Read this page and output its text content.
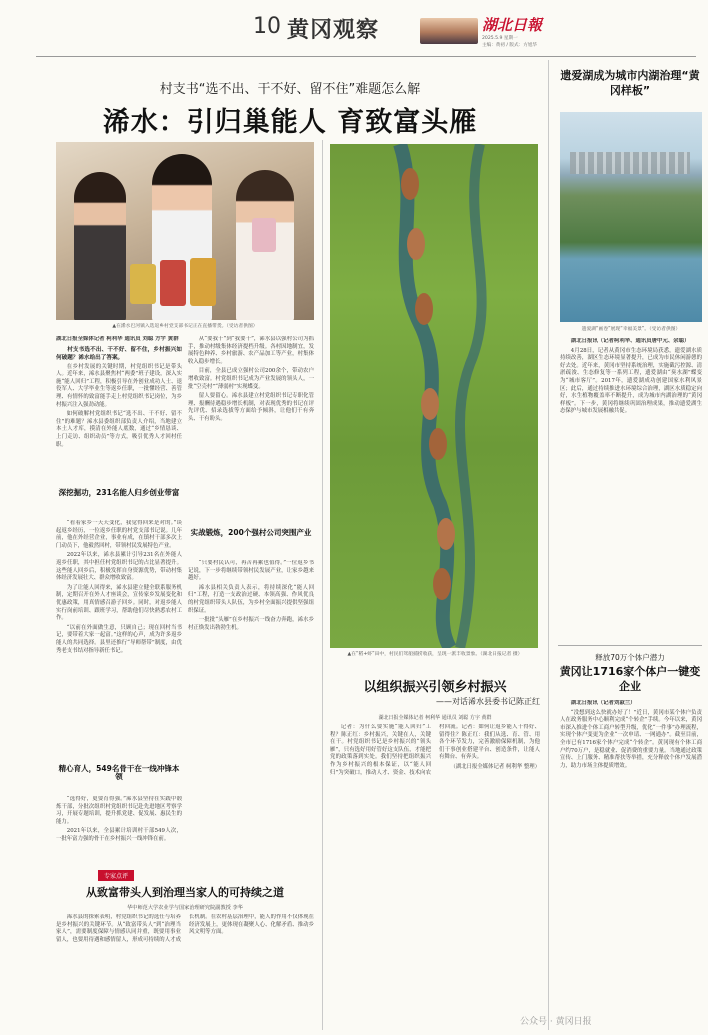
10 黄冈观察	湖北日報
2025.5.9 星期一
主编：黄初 / 版式：方旭华
村支书“选不出、干不好、留不住”难题怎么解
浠水：引归巢能人 育致富头雁
▲在浠水巴河镇入选返乡村党支部书记正在直播带货。（受访者供图）
▲在“稻+虾”田中，村民们驾船捕捞收获，呈现一派丰收景象。（湖北日报记者 摄）

湖北日报全媒体记者 柯利华 通讯员 刘聪 方宇 黄群

村支书选不出、干不好、留不住，乡村振兴如何破题？浠水给出了答案。

在乡村发展的关键时期，村党组织书记是带头人。近年来，浠水县聚焦村“两委”班子建设，深入实施“能人回归”工程，积极引导在外创业成功人士、退役军人、大学毕业生等返乡任职，一批懂经营、善管理、有情怀的致富能手走上村党组织书记岗位，为乡村振兴注入强劲动能。

如何破解村党组织书记“选不出、干不好、留不住”的难题？浠水县委组织部负责人介绍，当地建立本土人才库，摸清在外能人底数，通过“乡情恳谈、上门走访、组织动员”等方式，吸引优秀人才回村任职。

深挖掘功，231名能人归乡创业带富

“看着家乡一天天变化，我觉得回来是对的。”谈起返乡经历，一位返乡任职的村党支部书记说。几年前，他在外经营企业，事业有成，在镇村干部多次上门动员下，他毅然回村，带领村民发展特色产业。

2022年以来，浠水县累计引导231名在外能人返乡任职，其中担任村党组织书记的占比显著提升。这些能人回乡后，积极发挥自身资源优势，带动村集体经济发展壮大、群众增收致富。

为了让能人回得来，浠水县建立健全联系服务机制，定期召开在外人才座谈会，宣传家乡发展变化和优惠政策，用真情感召游子回乡。同时，对返乡能人实行岗前培训、跟班学习，帮助他们尽快熟悉农村工作。

“以前在外面做生意，只顾自己；现在回村当书记，要带着大家一起富。”这样的心声，成为许多返乡能人的共同选择。县里还推行“导师帮带”制度，由优秀老支书结对指导新任书记。

精心育人，549名骨干在一线冲锋本领

“选得好，更要育得强。”浠水县坚持在实践中锻炼干部，分批次组织村党组织书记赴先进地区考察学习，开展专题培训，提升抓党建、促发展、惠民生的能力。

2021年以来，全县累计培训村干部549人次，一批年富力强的骨干在乡村振兴一线冲锋在前。

从“要我干”到“我要干”，浠水县以强村公司为抓手，推动村级集体经济提档升级。各村因地制宜，发展特色种养、乡村旅游、农产品加工等产业，村集体收入稳步增长。

目前，全县已成立强村公司200余个，带动农户增收致富。村党组织书记成为产业发展的领头人，一批“空壳村”“薄弱村”实现蝶变。

留人要留心。浠水县建立村党组织书记专职化管理、报酬待遇稳步增长机制，对表现优秀的书记在评先评优、招录选拔等方面给予倾斜，让他们干有奔头、干有盼头。

实战锻炼，200个强村公司突围产业

“只要村民认可，再苦再累也值得。”一位返乡书记说，下一步将继续带领村民发展产业，让家乡越来越好。

浠水县相关负责人表示，将持续深化“能人回归”工程，打造一支政治过硬、本领高强、作风优良的村党组织带头人队伍，为乡村全面振兴提供坚强组织保证。

一批批“头雁”在乡村振兴一线奋力奔跑，浠水乡村正焕发出勃勃生机。

专家点评
从致富带头人到治理当家人的可持续之道
华中师范大学农业学与国家治理研究院副教授 李华

浠水县的探索表明，村党组织书记的选任与培养是乡村振兴的关键环节。从“致富带头人”到“治理当家人”，需要制度保障与情感认同并重，既要用事业留人，也要用待遇和感情留人，形成可持续的人才成长机制。在农村基层治理中，能人的作用不仅体现在经济发展上，更体现在凝聚人心、化解矛盾、推动乡风文明等方面。

以组织振兴引领乡村振兴
——对话浠水县委书记陈正红
湖北日报全媒体记者 柯利华 通讯员 刘聪 方宇 黄群

记者：为什么要实施“能人回归”工程？陈正红：乡村振兴，关键在人，关键在干。村党组织书记是乡村振兴的“领头雁”，只有选好用好管好这支队伍，才能把党的政策落到实处。我们坚持把组织振兴作为乡村振兴的根本保证，以“能人回归”为突破口，推动人才、资金、技术向农村回流。记者：如何让返乡能人干得好、留得住？陈正红：我们从选、育、管、用各个环节发力，完善激励保障机制，为他们干事创业搭建平台、创造条件，让能人有舞台、有奔头。

（湖北日报全媒体记者 柯利华 整理）

遗爱湖成为城市内湖治理“黄冈样板”
遗爱湖“画卷”展现“幸福美景”。（受访者供图）

湖北日报讯（记者柯利华、通讯员唐中元、余聪）

4月28日，记者从黄冈市生态环境局获悉，遗爱湖水质持续改善，湖区生态环境显著提升，已成为市民休闲游憩的好去处。近年来，黄冈市坚持系统治理，实施截污控源、清淤疏浚、生态修复等一系列工程，遗爱湖由“臭水湖”蝶变为“城市客厅”。2017年，遗爱湖成功创建国家水利风景区；此后，通过持续推进水环境综合治理，湖区水质稳定向好，水生植物覆盖率不断提升，成为城市内湖治理的“黄冈样板”。下一步，黄冈将继续巩固治理成果，推动遗爱湖生态保护与城市发展相融共促。

释放70万个体户潜力
黄冈让1716家个体户一键变企业

湖北日报讯（记者刘淑兰）

“没想到这么快就办好了！”近日，黄冈市某个体户负责人在政务服务中心顺利完成“个转企”手续。今年以来，黄冈市深入推进个体工商户转型升级，优化“一件事”办理流程，实现个体户变更为企业“一次申请、一网通办”。截至目前，全市已有1716家个体户完成“个转企”。黄冈现有个体工商户约70万户，是稳就业、促消费的重要力量。当地通过政策宣传、上门服务、精准帮扶等举措，充分释放个体户发展潜力，助力市场主体提质增效。

公众号 · 黄冈日报
